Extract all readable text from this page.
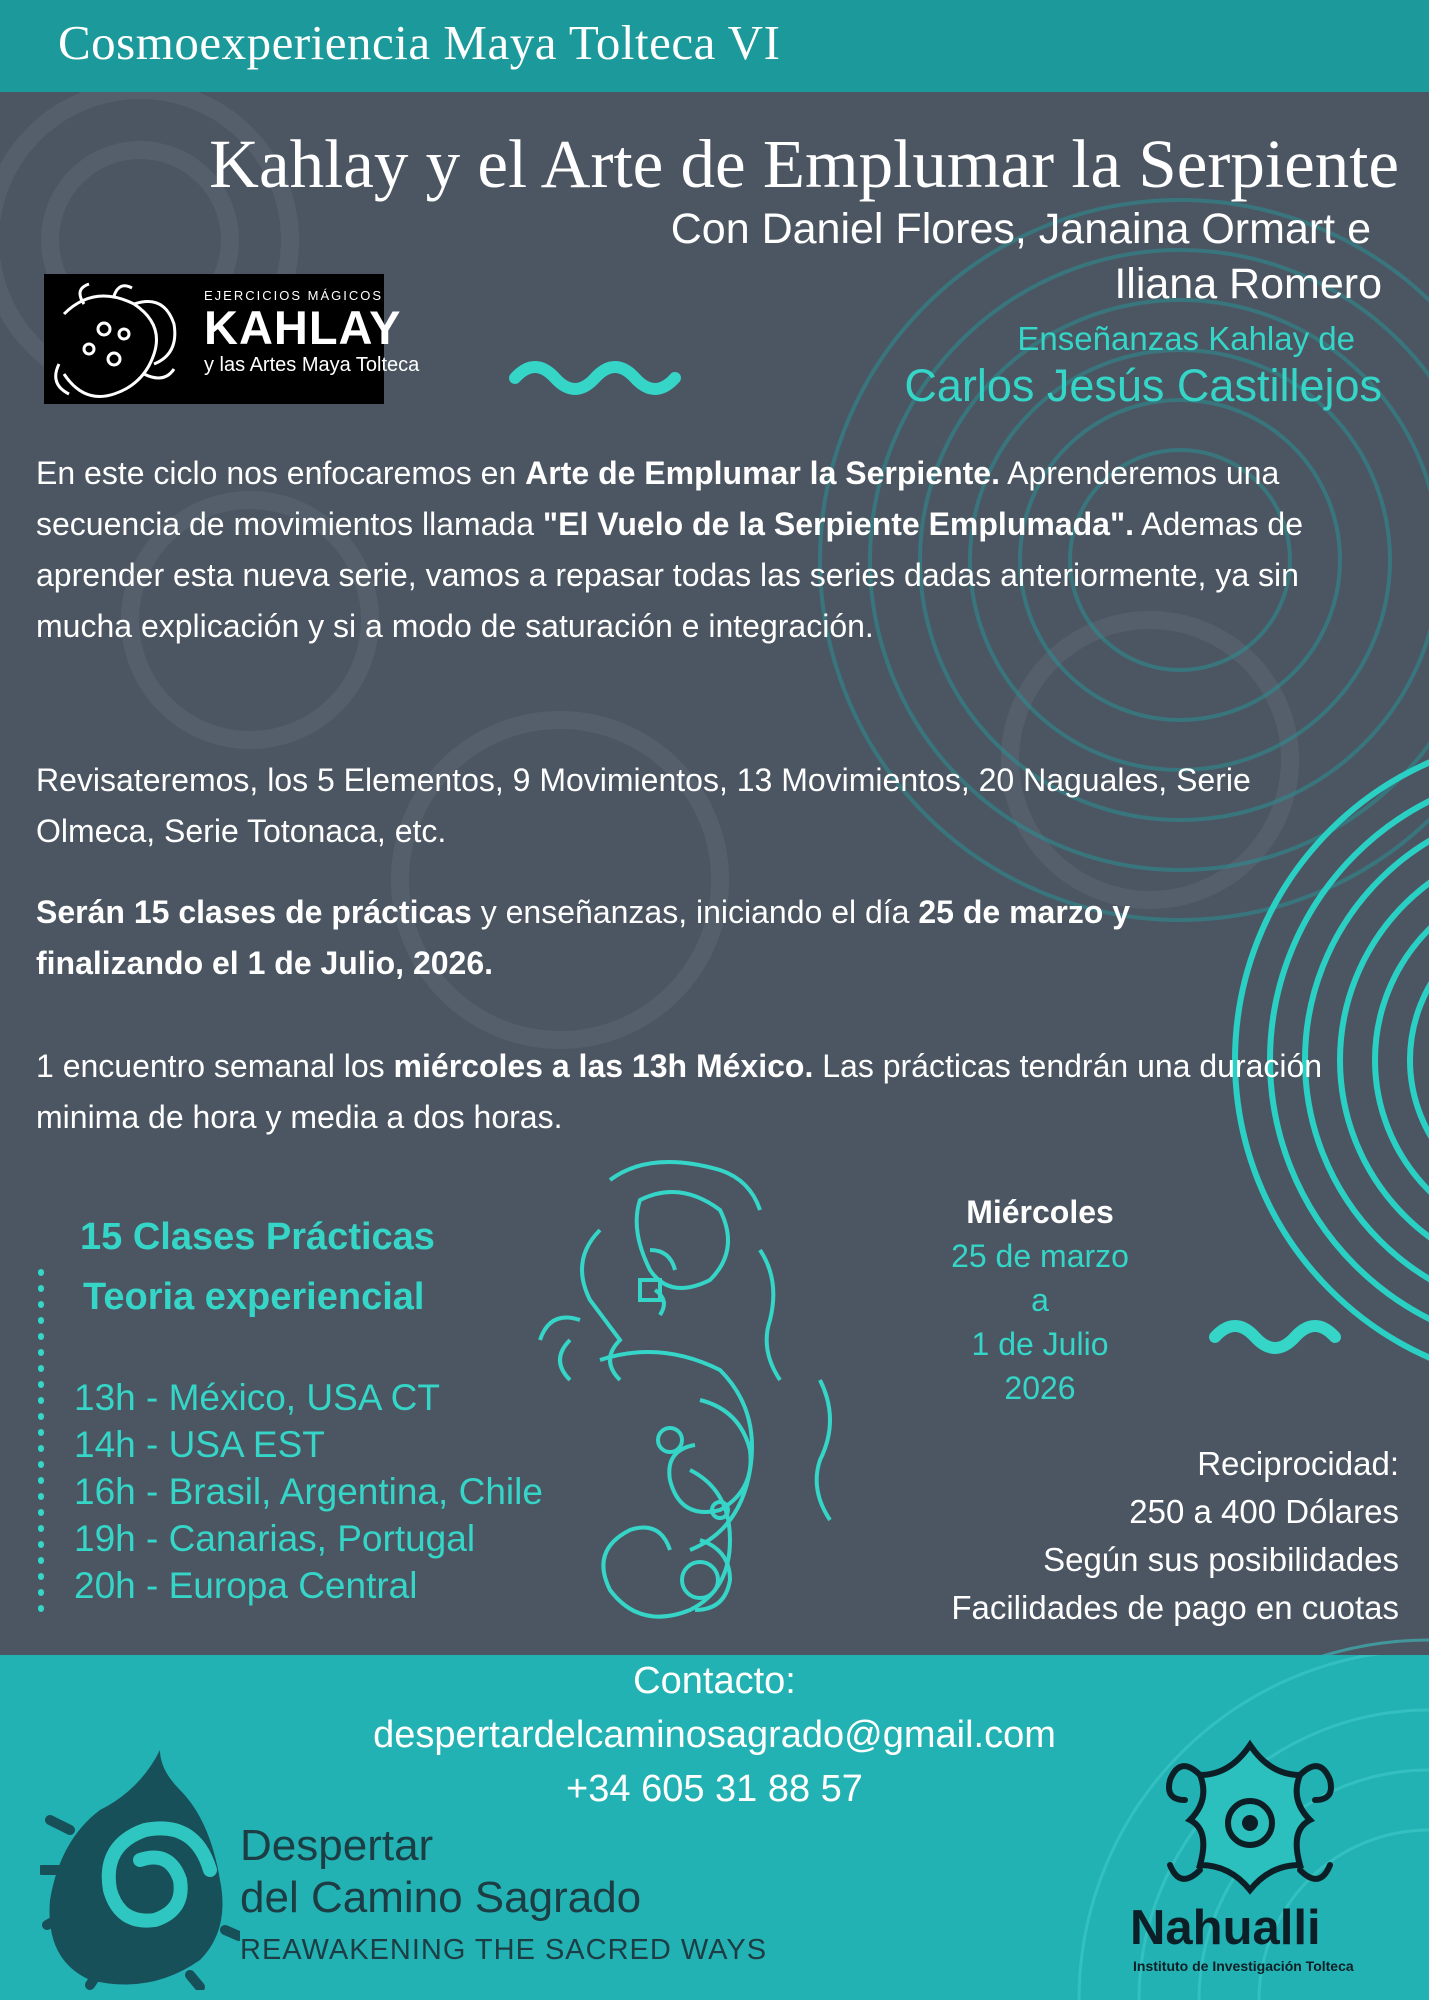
Cosmoexperiencia Maya Tolteca VI
Kahlay y el Arte de Emplumar la Serpiente
Con Daniel Flores, Janaina Ormart e
Iliana Romero
Enseñanzas Kahlay de
Carlos Jesús Castillejos
EJERCICIOS MÁGICOS
KAHLAY
y las Artes Maya Tolteca
En este ciclo nos enfocaremos en Arte de Emplumar la Serpiente. Aprenderemos una secuencia de movimientos llamada "El Vuelo de la Serpiente Emplumada". Ademas de aprender esta nueva serie, vamos a repasar todas las series dadas anteriormente, ya sin mucha explicación y si a modo de saturación e integración.
Revisateremos, los 5 Elementos, 9 Movimientos, 13 Movimientos, 20 Naguales, Serie Olmeca, Serie Totonaca, etc.
Serán 15 clases de prácticas y enseñanzas, iniciando el día 25 de marzo y finalizando el 1 de Julio, 2026.
1 encuentro semanal los miércoles a las 13h México. Las prácticas tendrán una duración minima de hora y media a dos horas.
15 Clases Prácticas
Teoria experiencial
13h - México, USA CT
14h - USA EST
16h - Brasil, Argentina, Chile
19h - Canarias, Portugal
20h - Europa Central
Miércoles
25 de marzo
a
1 de Julio
2026
Reciprocidad:
250 a 400 Dólares
Según sus posibilidades
Facilidades de pago en cuotas
Contacto:
despertardelcaminosagrado@gmail.com
+34 605 31 88 57
Despertar
del Camino Sagrado
REAWAKENING THE SACRED WAYS	Nahualli
Instituto de Investigación Tolteca
